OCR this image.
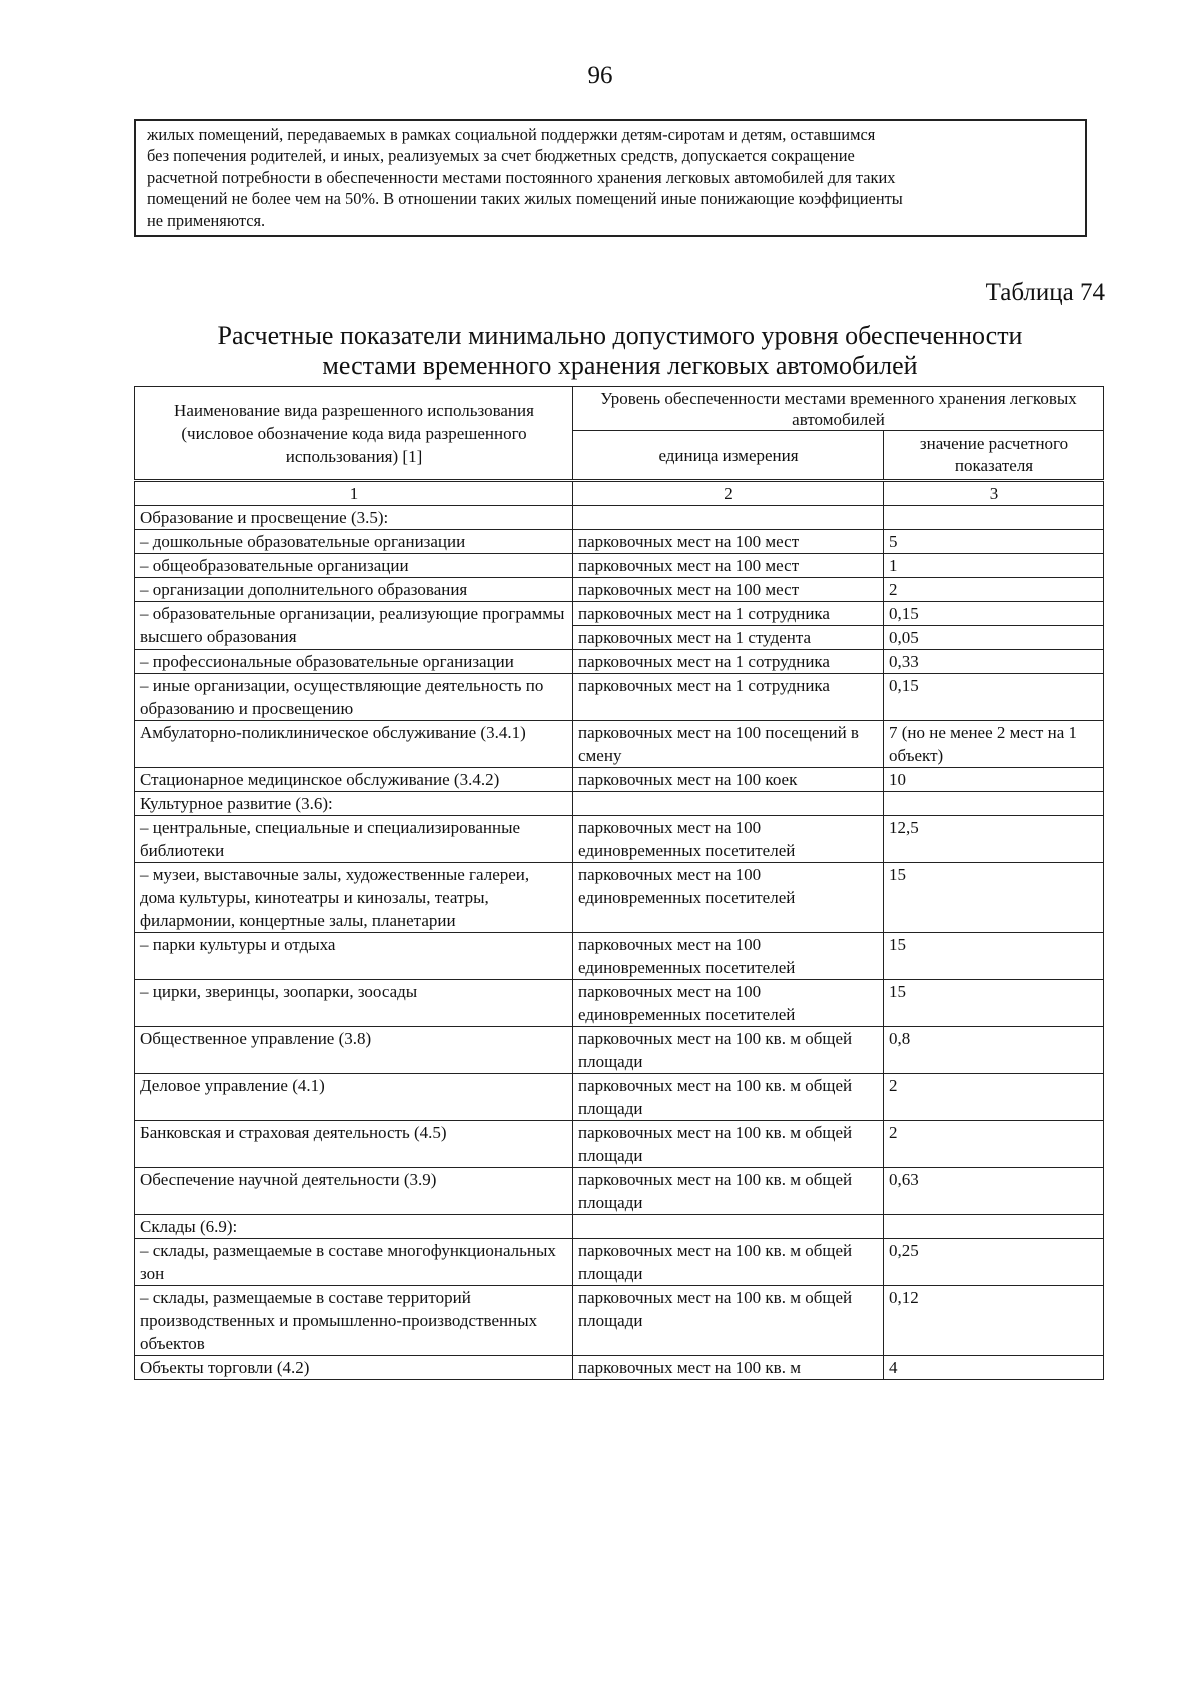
96
жилых помещений, передаваемых в рамках социальной поддержки детям-сиротам и детям, оставшимся
без попечения родителей, и иных, реализуемых за счет бюджетных средств, допускается сокращение
расчетной потребности в обеспеченности местами постоянного хранения легковых автомобилей для таких
помещений не более чем на 50%. В отношении таких жилых помещений иные понижающие коэффициенты
не применяются.
Таблица 74
Расчетные показатели минимально допустимого уровня обеспеченности
местами временного хранения легковых автомобилей
Наименование вида разрешенного использования (числовое обозначение кода вида разрешенного использования) [1]	Уровень обеспеченности местами временного хранения легковых автомобилей	
	единица измерения	значение расчетного показателя
1	2	3
Образование и просвещение (3.5):		
– дошкольные образовательные организации	парковочных мест на 100 мест	5
– общеобразовательные организации	парковочных мест на 100 мест	1
– организации дополнительного образования	парковочных мест на 100 мест	2
– образовательные организации, реализующие программы высшего образования	парковочных мест на 1 сотрудника	0,15
	парковочных мест на 1 студента	0,05
– профессиональные образовательные организации	парковочных мест на 1 сотрудника	0,33
– иные организации, осуществляющие деятельность по образованию и просвещению	парковочных мест на 1 сотрудника	0,15
Амбулаторно-поликлиническое обслуживание (3.4.1)	парковочных мест на 100 посещений в смену	7 (но не менее 2 мест на 1 объект)
Стационарное медицинское обслуживание (3.4.2)	парковочных мест на 100 коек	10
Культурное развитие (3.6):		
– центральные, специальные и специализированные библиотеки	парковочных мест на 100 единовременных посетителей	12,5
– музеи, выставочные залы, художественные галереи, дома культуры, кинотеатры и кинозалы, театры, филармонии, концертные залы, планетарии	парковочных мест на 100 единовременных посетителей	15
– парки культуры и отдыха	парковочных мест на 100 единовременных посетителей	15
– цирки, зверинцы, зоопарки, зоосады	парковочных мест на 100 единовременных посетителей	15
Общественное управление (3.8)	парковочных мест на 100 кв. м общей площади	0,8
Деловое управление (4.1)	парковочных мест на 100 кв. м общей площади	2
Банковская и страховая деятельность (4.5)	парковочных мест на 100 кв. м общей площади	2
Обеспечение научной деятельности (3.9)	парковочных мест на 100 кв. м общей площади	0,63
Склады (6.9):		
– склады, размещаемые в составе многофункциональных зон	парковочных мест на 100 кв. м общей площади	0,25
– склады, размещаемые в составе территорий производственных и промышленно-производственных объектов	парковочных мест на 100 кв. м общей площади	0,12
Объекты торговли (4.2)	парковочных мест на 100 кв. м	4
